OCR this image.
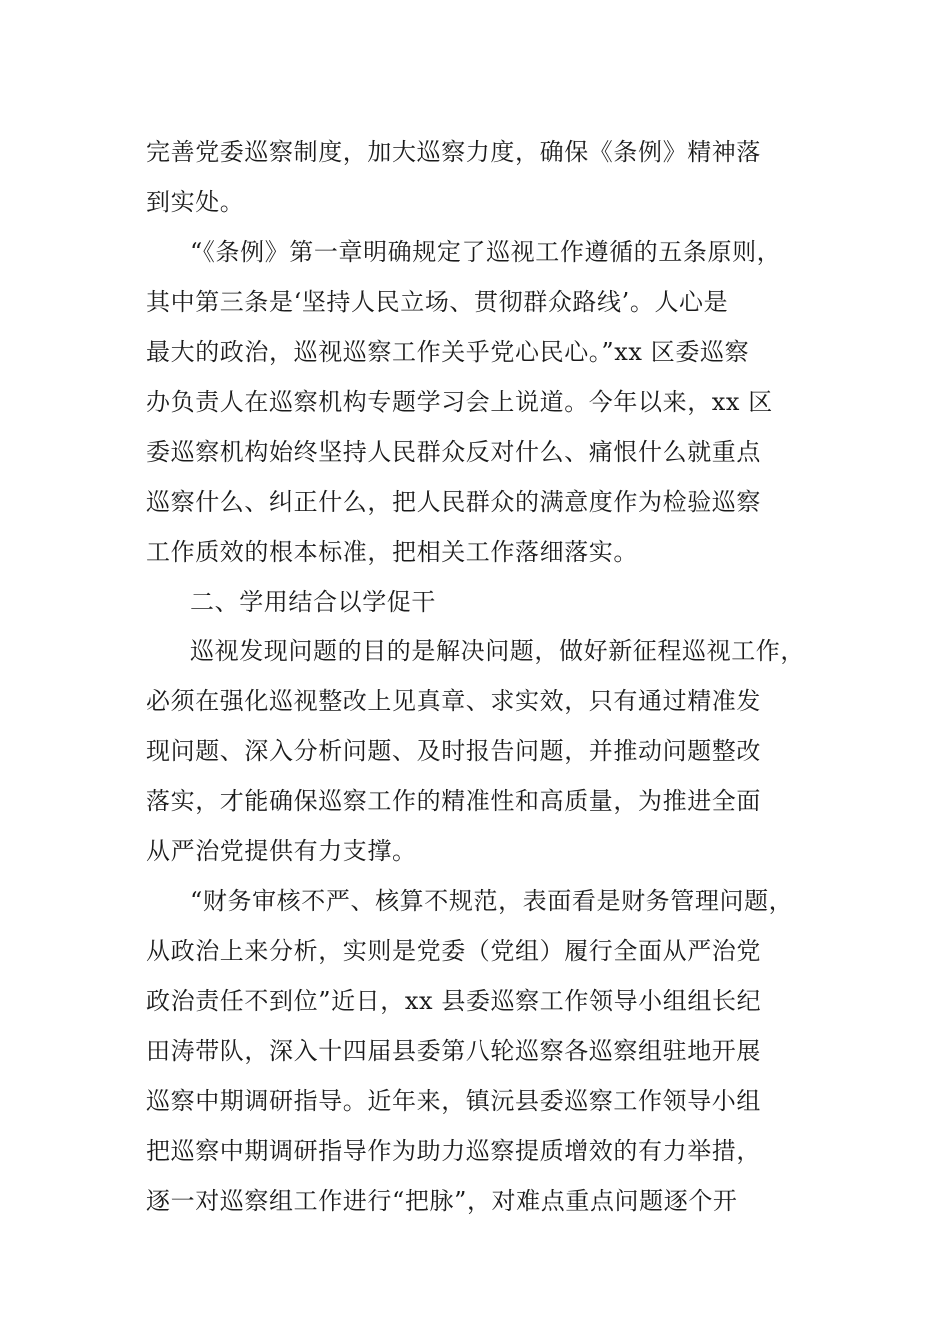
完善党委巡察制度，加大巡察力度，确保《条例》精神落
到实处。
“《条例》第一章明确规定了巡视工作遵循的五条原则，
其中第三条是‘坚持人民立场、贯彻群众路线’。人心是
最大的政治，巡视巡察工作关乎党心民心。”xx 区委巡察
办负责人在巡察机构专题学习会上说道。今年以来，xx 区
委巡察机构始终坚持人民群众反对什么、痛恨什么就重点
巡察什么、纠正什么，把人民群众的满意度作为检验巡察
工作质效的根本标准，把相关工作落细落实。
二、学用结合以学促干
巡视发现问题的目的是解决问题，做好新征程巡视工作，
必须在强化巡视整改上见真章、求实效，只有通过精准发
现问题、深入分析问题、及时报告问题，并推动问题整改
落实，才能确保巡察工作的精准性和高质量，为推进全面
从严治党提供有力支撑。
“财务审核不严、核算不规范，表面看是财务管理问题，
从政治上来分析，实则是党委（党组）履行全面从严治党
政治责任不到位”近日，xx 县委巡察工作领导小组组长纪
田涛带队，深入十四届县委第八轮巡察各巡察组驻地开展
巡察中期调研指导。近年来，镇沅县委巡察工作领导小组
把巡察中期调研指导作为助力巡察提质增效的有力举措，
逐一对巡察组工作进行“把脉”，对难点重点问题逐个开
